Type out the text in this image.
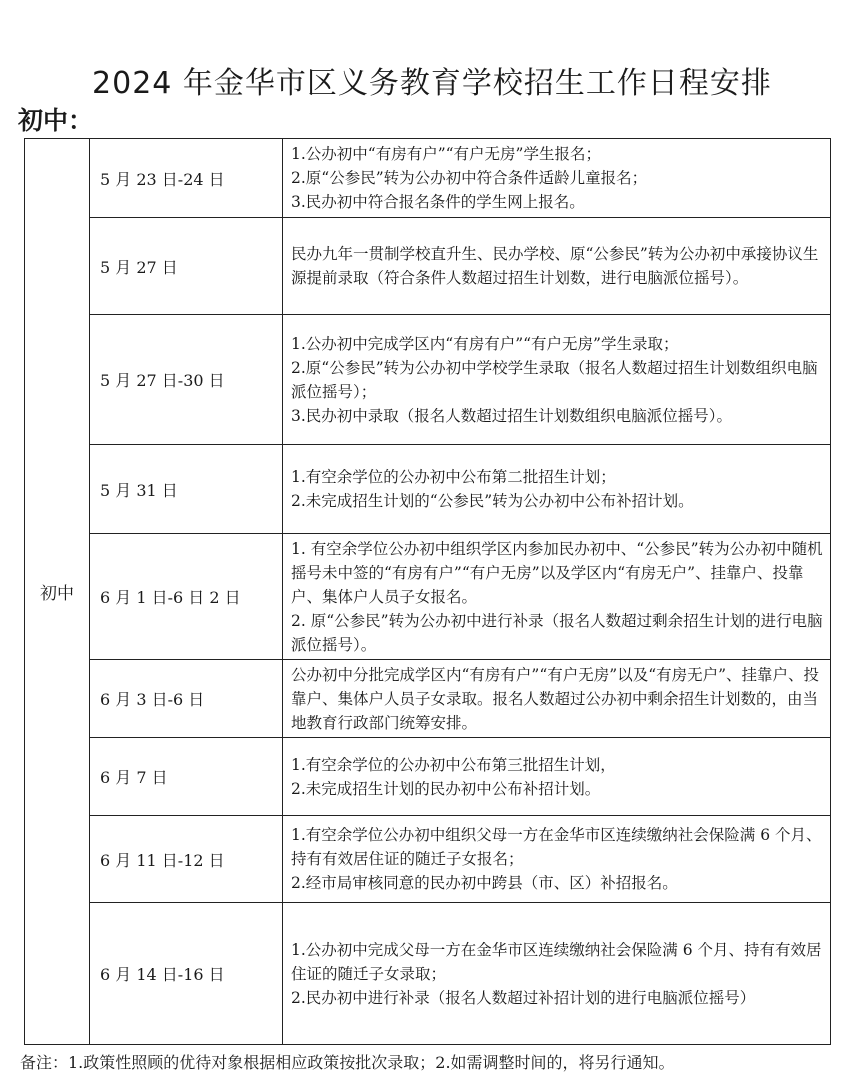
2024 年金华市区义务教育学校招生工作日程安排
初中：
初中	5 月 23 日-24 日	1.公办初中“有房有户”“有户无房”学生报名；
2.原“公参民”转为公办初中符合条件适龄儿童报名；
3.民办初中符合报名条件的学生网上报名。

	5 月 27 日	民办九年一贯制学校直升生、民办学校、原“公参民”转为公办初中承接协议生源提前录取（符合条件人数超过招生计划数，进行电脑派位摇号）。

	5 月 27 日-30 日	1.公办初中完成学区内“有房有户”“有户无房”学生录取；
2.原“公参民”转为公办初中学校学生录取（报名人数超过招生计划数组织电脑派位摇号）；
3.民办初中录取（报名人数超过招生计划数组织电脑派位摇号）。

	5 月 31 日	1.有空余学位的公办初中公布第二批招生计划；
2.未完成招生计划的“公参民”转为公办初中公布补招计划。

	6 月 1 日-6 日 2 日	1. 有空余学位公办初中组织学区内参加民办初中、“公参民”转为公办初中随机摇号未中签的“有房有户”“有户无房”以及学区内“有房无户”、挂靠户、投靠户、集体户人员子女报名。
2. 原“公参民”转为公办初中进行补录（报名人数超过剩余招生计划的进行电脑派位摇号）。

	6 月 3 日-6 日	公办初中分批完成学区内“有房有户”“有户无房”以及“有房无户”、挂靠户、投靠户、集体户人员子女录取。报名人数超过公办初中剩余招生计划数的，由当地教育行政部门统筹安排。

	6 月 7 日	1.有空余学位的公办初中公布第三批招生计划，
2.未完成招生计划的民办初中公布补招计划。

	6 月 11 日-12 日	1.有空余学位公办初中组织父母一方在金华市区连续缴纳社会保险满 6 个月、持有有效居住证的随迁子女报名；
2.经市局审核同意的民办初中跨县（市、区）补招报名。

	6 月 14 日-16 日	1.公办初中完成父母一方在金华市区连续缴纳社会保险满 6 个月、持有有效居住证的随迁子女录取；
2.民办初中进行补录（报名人数超过补招计划的进行电脑派位摇号）
备注：1.政策性照顾的优待对象根据相应政策按批次录取；2.如需调整时间的，将另行通知。
